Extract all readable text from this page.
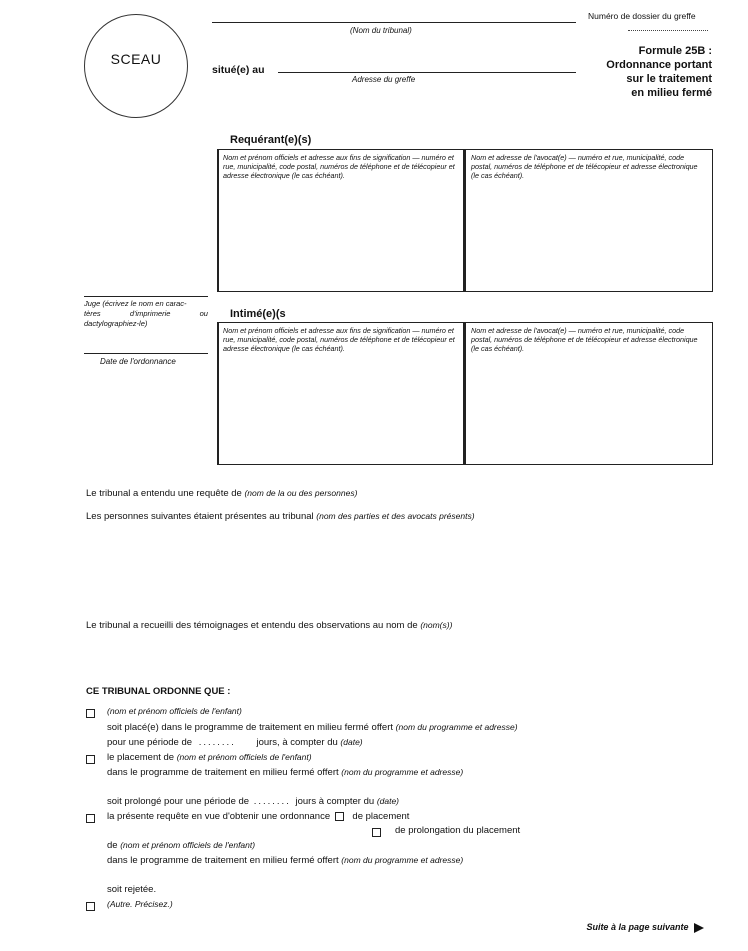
SCEAU
(Nom du tribunal)
situé(e) au
Adresse du greffe
Numéro de dossier du greffe
Formule 25B :
Ordonnance portant
sur le traitement
en milieu fermé
Requérant(e)(s)
Nom et prénom officiels et adresse aux fins de signification — numéro et rue, municipalité, code postal, numéros de téléphone et de télécopieur et adresse électronique (le cas échéant).
Nom et adresse de l'avocat(e) — numéro et rue, municipalité, code postal, numéros de téléphone et de télécopieur et adresse électronique (le cas échéant).
Juge (écrivez le nom en carac-
tères	d'imprimerie	ou
dactylographiez-le)
Date de l'ordonnance
Intimé(e)(s
Nom et prénom officiels et adresse aux fins de signification — numéro et rue, municipalité, code postal, numéros de téléphone et de télécopieur et adresse électronique (le cas échéant).
Nom et adresse de l'avocat(e) — numéro et rue, municipalité, code postal, numéros de téléphone et de télécopieur et adresse électronique (le cas échéant).
Le tribunal a entendu une requête de (nom de la ou des personnes)
Les personnes suivantes étaient présentes au tribunal (nom des parties et des avocats présents)
Le tribunal a recueilli des témoignages et entendu des observations au nom de (nom(s))
CE TRIBUNAL ORDONNE QUE :
(nom et prénom officiels de l'enfant)
soit placé(e) dans le programme de traitement en milieu fermé offert (nom du programme et adresse)
pour une période de ........ jours, à compter du (date)
le placement de (nom et prénom officiels de l'enfant)
dans le programme de traitement en milieu fermé offert (nom du programme et adresse)
soit prolongé pour une période de ........ jours à compter du (date)
la présente requête en vue d'obtenir une ordonnance de placement
de prolongation du placement
de (nom et prénom officiels de l'enfant)
dans le programme de traitement en milieu fermé offert (nom du programme et adresse)
soit rejetée.
(Autre. Précisez.)
Suite à la page suivante
